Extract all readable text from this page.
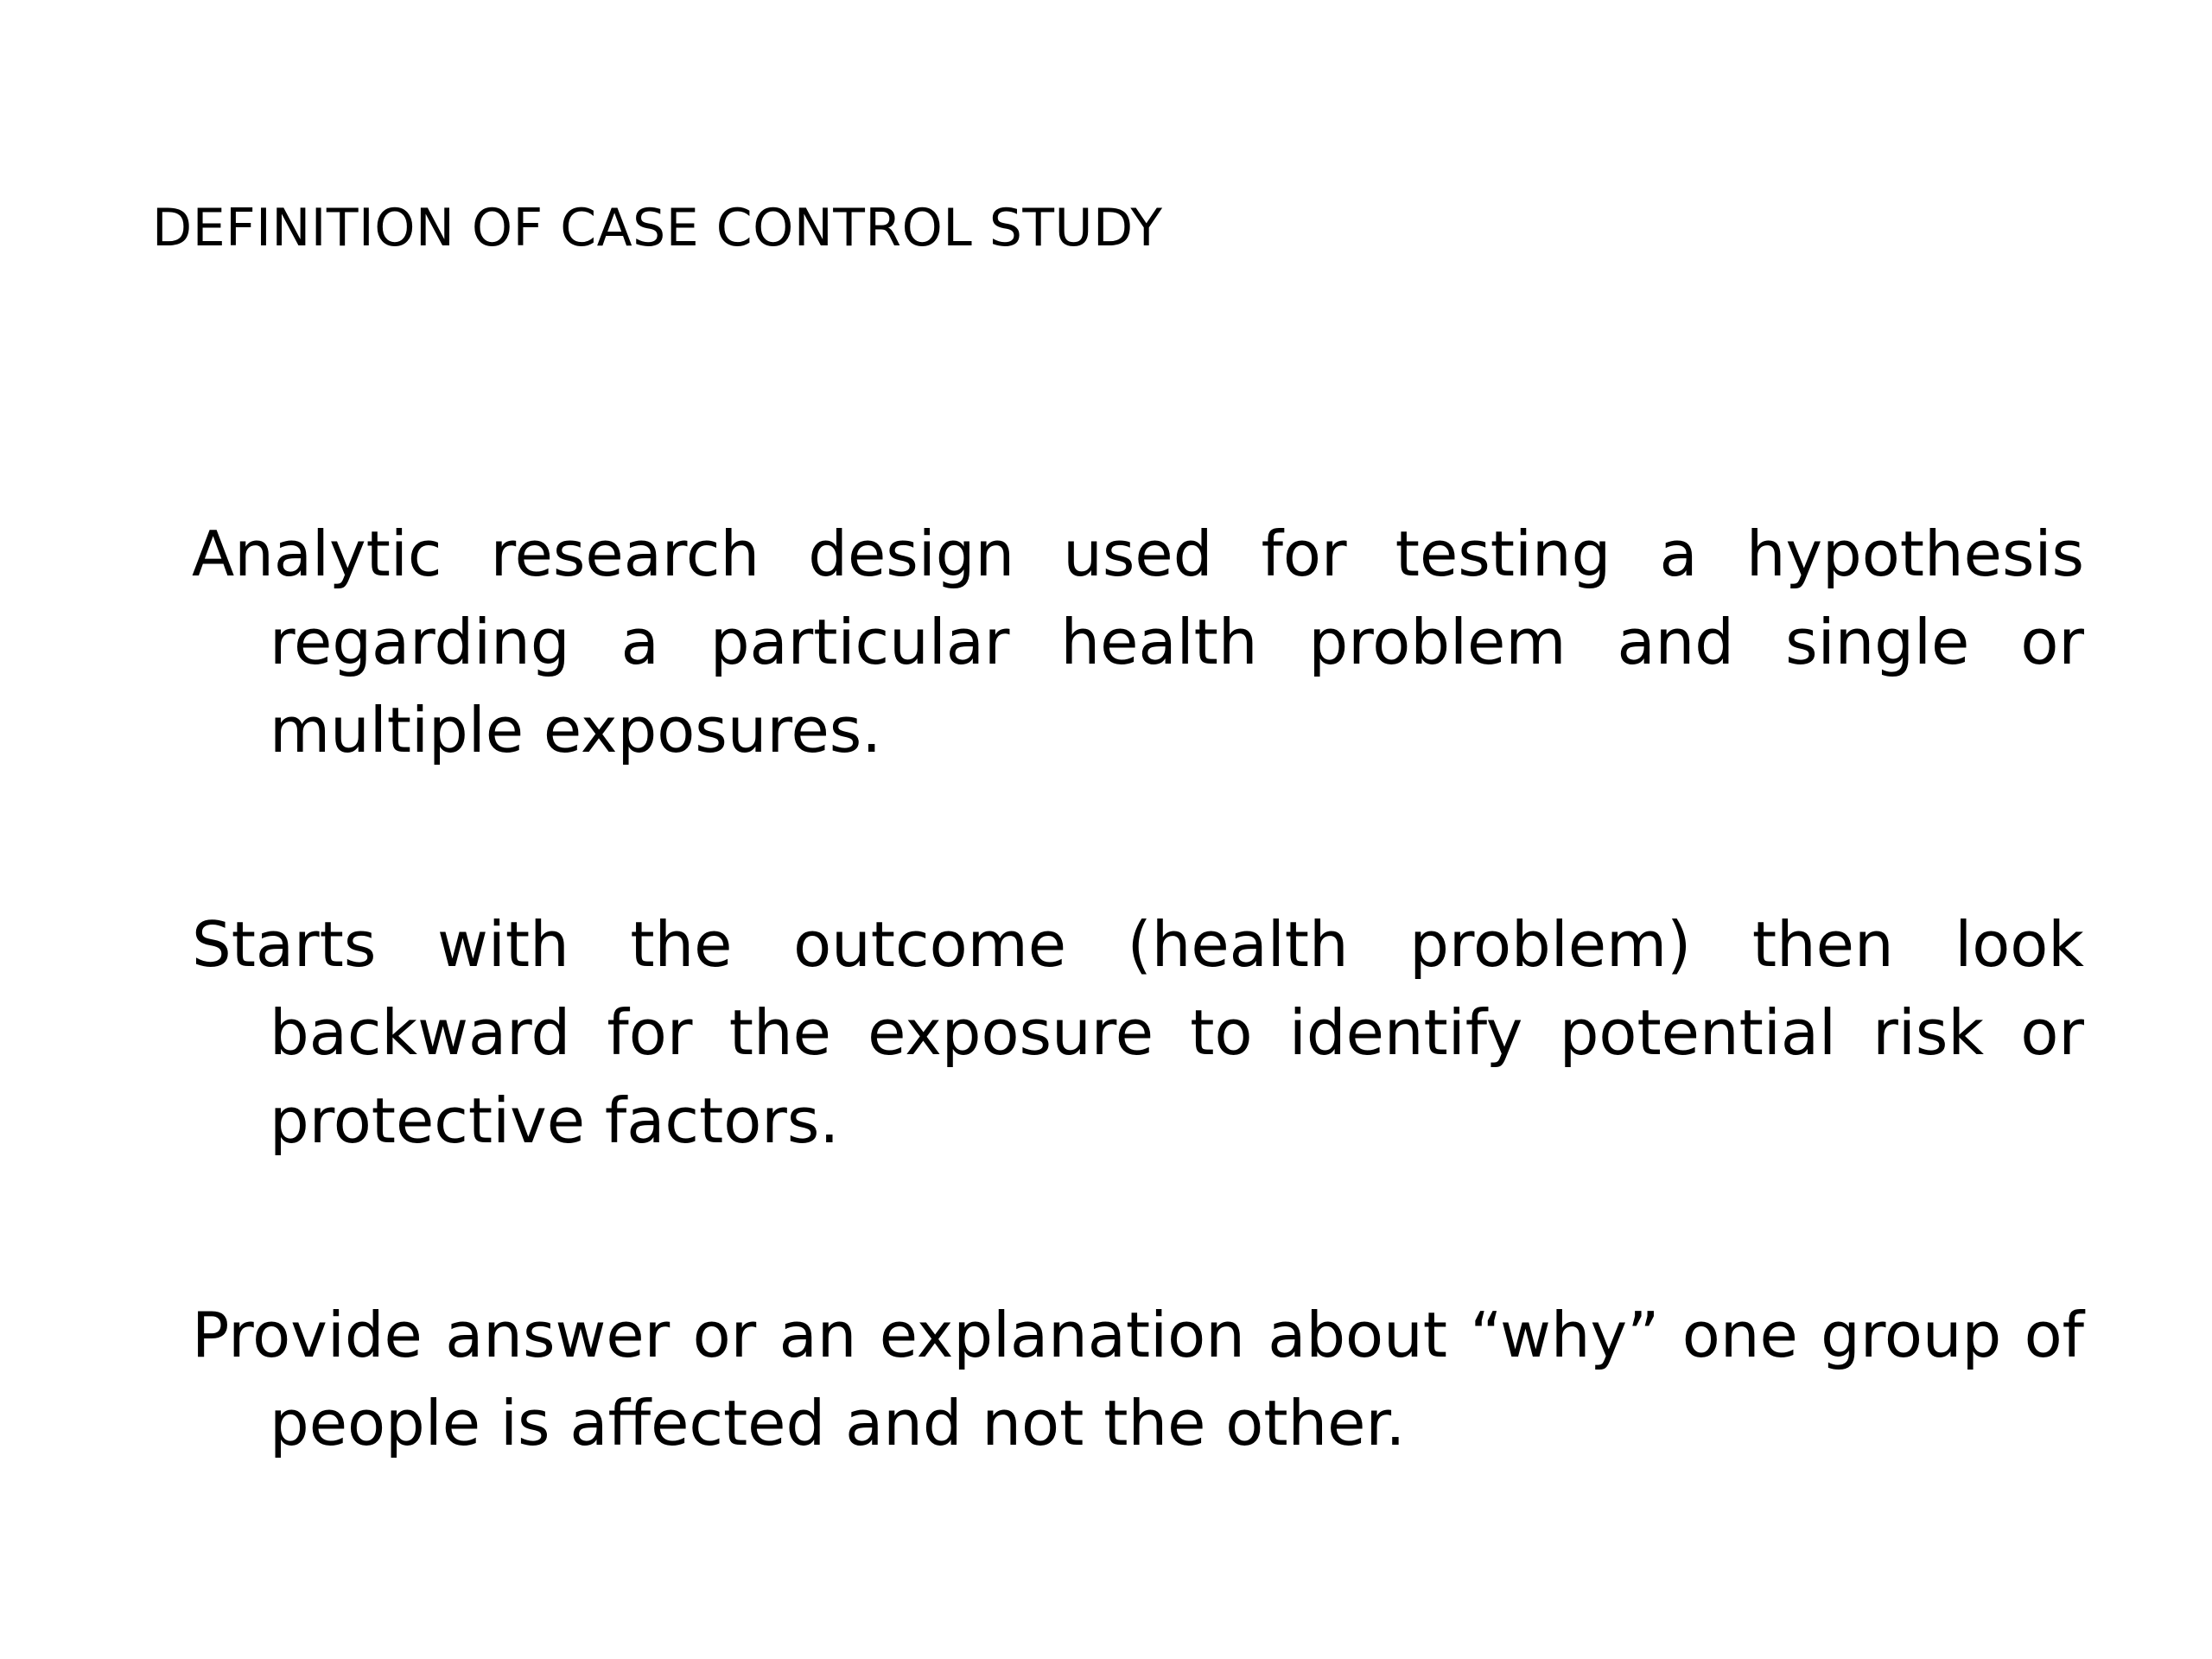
DEFINITION OF CASE CONTROL STUDY

Analytic research design used for testing a hypothesis regarding a particular health problem and single or multiple exposures.

Starts with the outcome (health problem) then look backward for the exposure to identify potential risk or protective factors.

Provide answer or an explanation about “why” one group of people is affected and not the other.
